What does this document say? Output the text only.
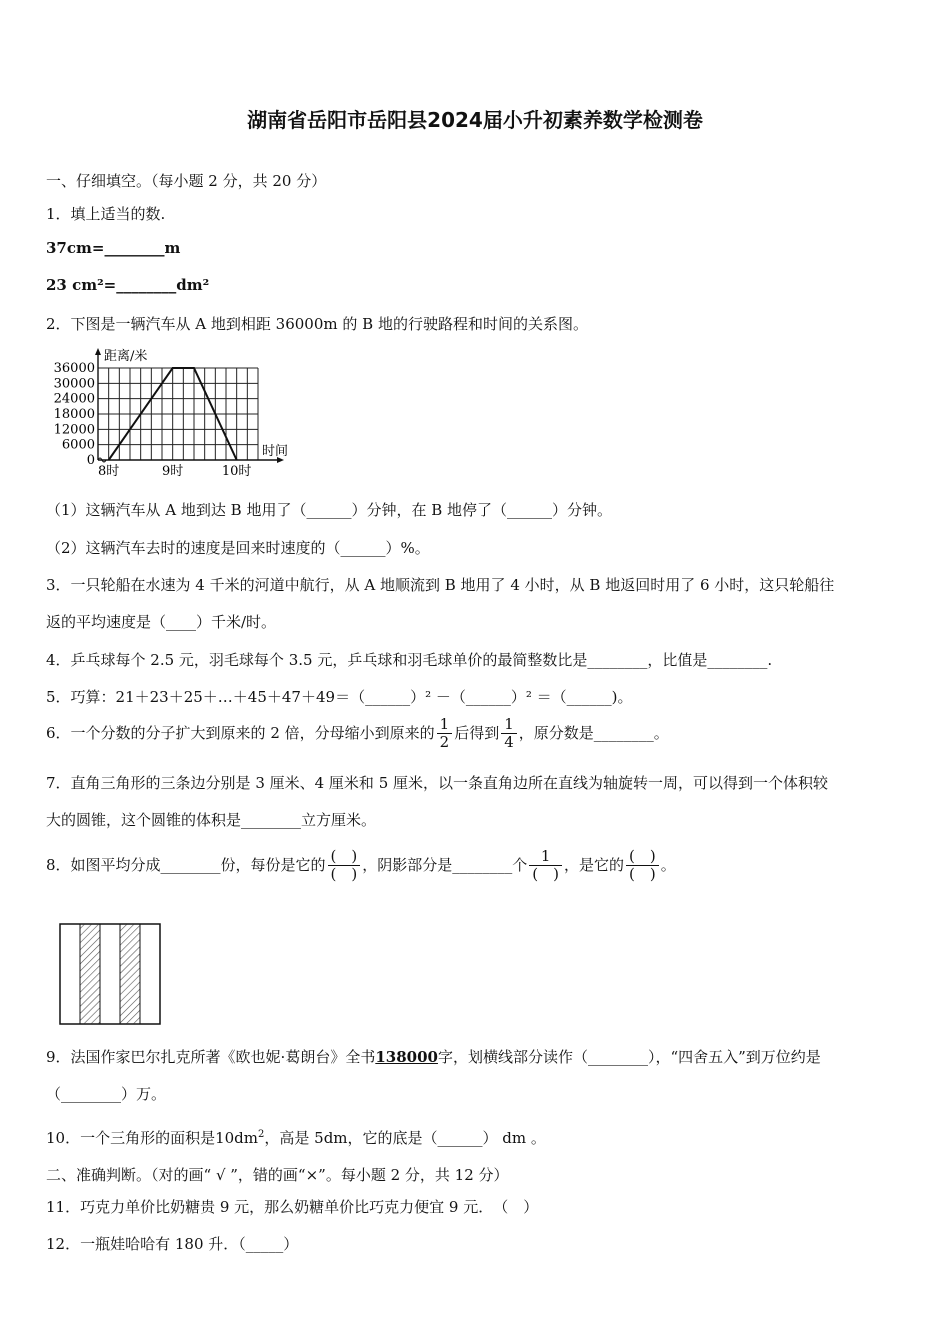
湖南省岳阳市岳阳县2024届小升初素养数学检测卷
一、仔细填空。（每小题 2 分，共 20 分）
1．填上适当的数.
37cm=________m
23 cm²=________dm²
2．下图是一辆汽车从 A 地到相距 36000m 的 B 地的行驶路程和时间的关系图。
距离/米
时间
36000
30000
24000
18000
12000
6000
0
8时	9时	10时
（1）这辆汽车从 A 地到达 B 地用了（______）分钟，在 B 地停了（______）分钟。
（2）这辆汽车去时的速度是回来时速度的（______）%。
3．一只轮船在水速为 4 千米的河道中航行，从 A 地顺流到 B 地用了 4 小时，从 B 地返回时用了 6 小时，这只轮船往
返的平均速度是（____）千米/时。
4．乒乓球每个 2.5 元，羽毛球每个 3.5 元，乒乓球和羽毛球单价的最简整数比是________，比值是________.
5．巧算：21＋23＋25＋…＋45＋47＋49＝（______）² －（______）² ＝（______)。
6．一个分数的分子扩大到原来的 2 倍，分母缩小到原来的 $\frac{1}{2}$ 后得到 $\frac{1}{4}$ ，原分数是________。
7．直角三角形的三条边分别是 3 厘米、4 厘米和 5 厘米，以一条直角边所在直线为轴旋转一周，可以得到一个体积较
大的圆锥，这个圆锥的体积是________立方厘米。
8．如图平均分成________份，每份是它的 $\frac{( )}{( )}$ ，阴影部分是________个 $\frac{1}{( )}$ ，是它的 $\frac{( )}{( )}$ 。
9．法国作家巴尔扎克所著《欧也妮·葛朗台》全书138000字，划横线部分读作（________），“四舍五入”到万位约是
（________）万。
10．一个三角形的面积是$10dm^2$，高是 5dm，它的底是（______） dm 。
二、准确判断。（对的画“ √ ”，错的画“×”。每小题 2 分，共 12 分）
11．巧克力单价比奶糖贵 9 元，那么奶糖单价比巧克力便宜 9 元．　（　）
12．一瓶娃哈哈有 180 升．（_____）
